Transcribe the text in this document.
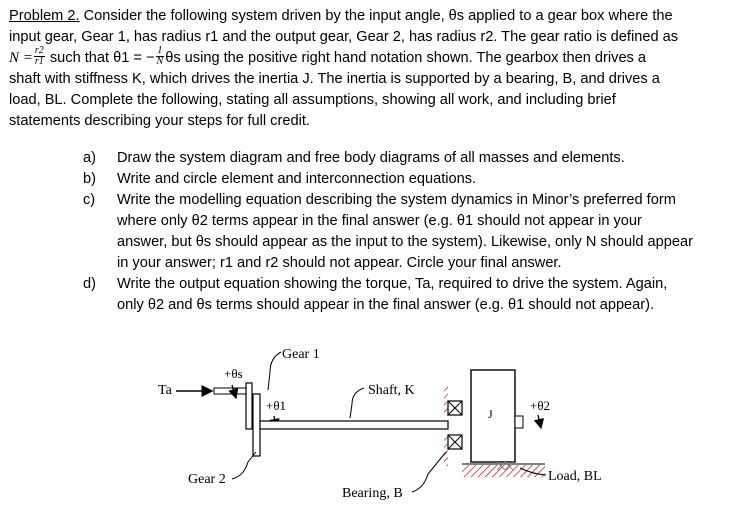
Problem 2. Consider the following system driven by the input angle, θs applied to a gear box where the
input gear, Gear 1, has radius r1 and the output gear, Gear 2, has radius r2. The gear ratio is defined as
$N = \frac{r2}{r1}$ such that θ1 = − $\frac{1}{N}$ θs using the positive right hand notation shown. The gearbox then drives a
shaft with stiffness K, which drives the inertia J. The inertia is supported by a bearing, B, and drives a
load, BL. Complete the following, stating all assumptions, showing all work, and including brief
statements describing your steps for full credit.
a)	Draw the system diagram and free body diagrams of all masses and elements.
b)	Write and circle element and interconnection equations.
c)	Write the modelling equation describing the system dynamics in Minor’s preferred form
where only θ2 terms appear in the final answer (e.g. θ1 should not appear in your
answer, but θs should appear as the input to the system). Likewise, only N should appear
in your answer; r1 and r2 should not appear. Circle your final answer.
d)	Write the output equation showing the torque, Ta, required to drive the system. Again,
only θ2 and θs terms should appear in the final answer (e.g. θ1 should not appear).
Ta
+θs
Gear 1
+θ1
Gear 2
Shaft, K
Bearing, B
J
+θ2
Load, BL
